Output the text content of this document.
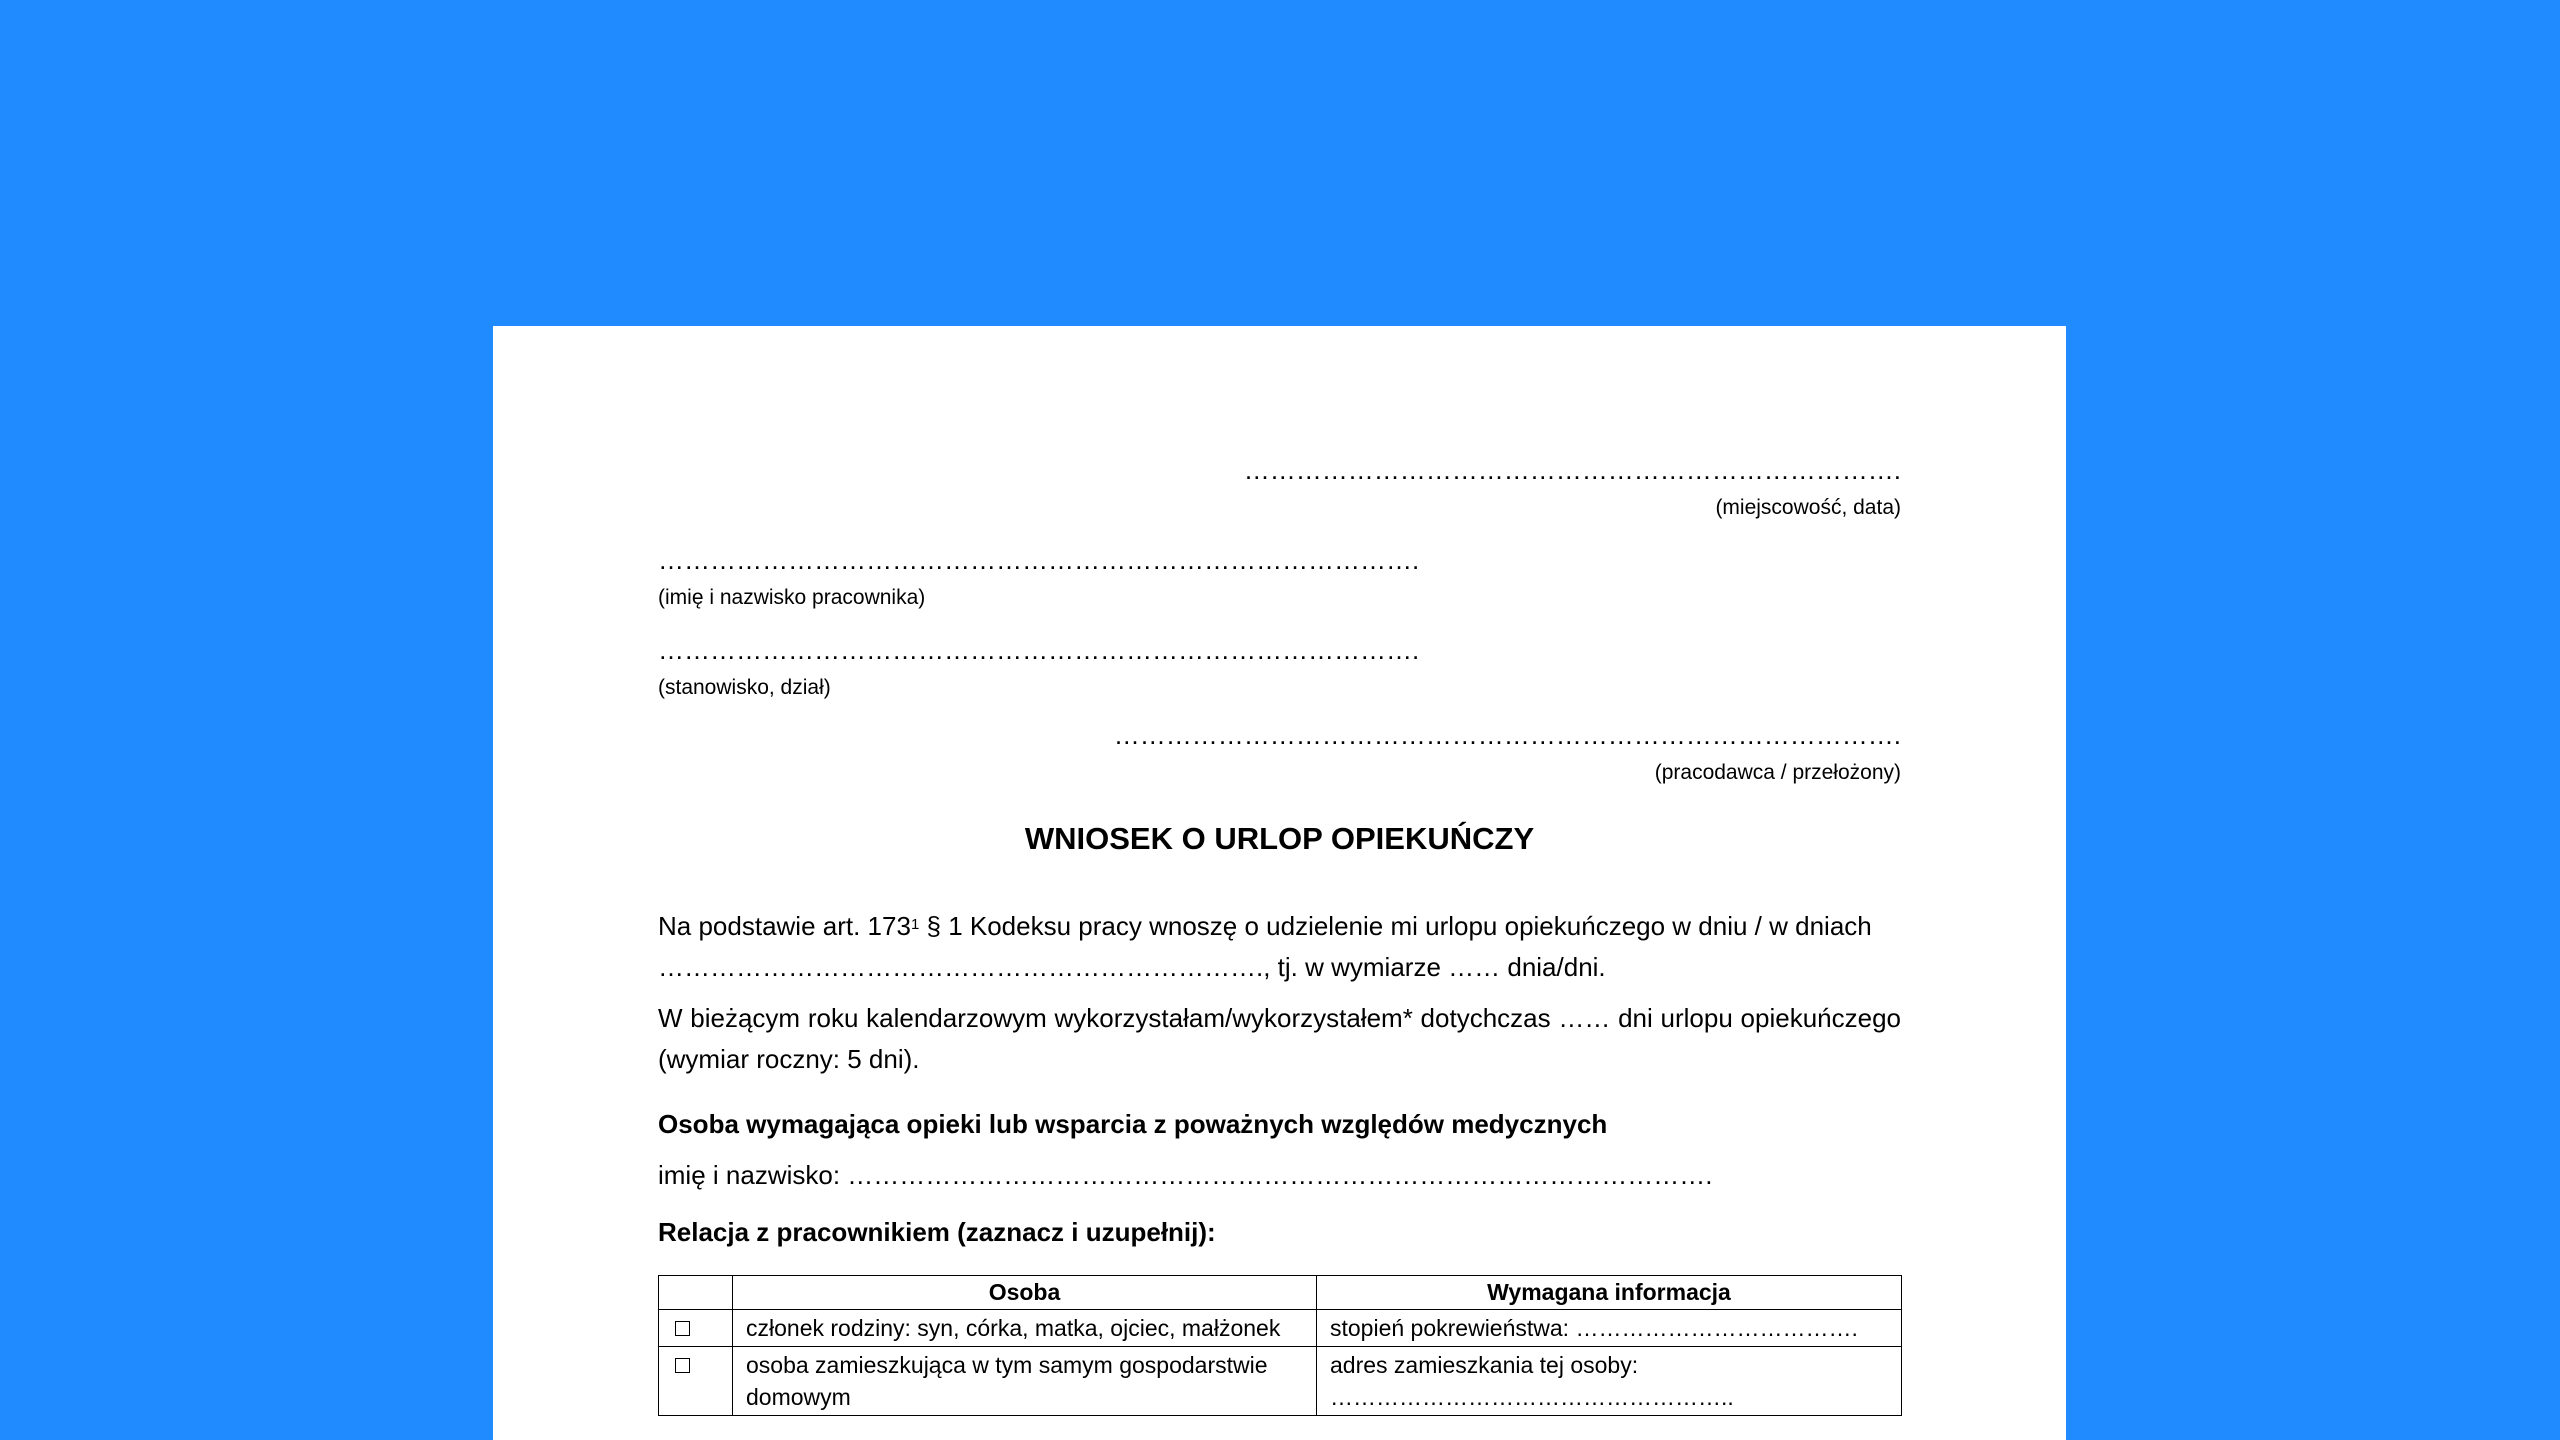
………………………………………………………………….
(miejscowość, data)
…………………………………………………………………………….
(imię i nazwisko pracownika)
…………………………………………………………………………….
(stanowisko, dział)
……………………………………………………………………………….
(pracodawca / przełożony)
WNIOSEK O URLOP OPIEKUŃCZY
Na podstawie art. $173^1$ § 1 Kodeksu pracy wnoszę o udzielenie mi urlopu opiekuńczego w dniu / w dniach
……………………………………………………………., tj. w wymiarze …… dnia/dni.
W bieżącym roku kalendarzowym wykorzystałam/wykorzystałem* dotychczas …… dni urlopu opiekuńczego (wymiar roczny: 5 dni).
Osoba wymagająca opieki lub wsparcia z poważnych względów medycznych
imię i nazwisko: ……………………………………………………………………………………….
Relacja z pracownikiem (zaznacz i uzupełnij):
	Osoba	Wymagana informacja
	członek rodziny: syn, córka, matka, ojciec, małżonek	stopień pokrewieństwa: ……………………………….
	osoba zamieszkująca w tym samym gospodarstwie domowym	adres zamieszkania tej osoby: ……………………………………………..
